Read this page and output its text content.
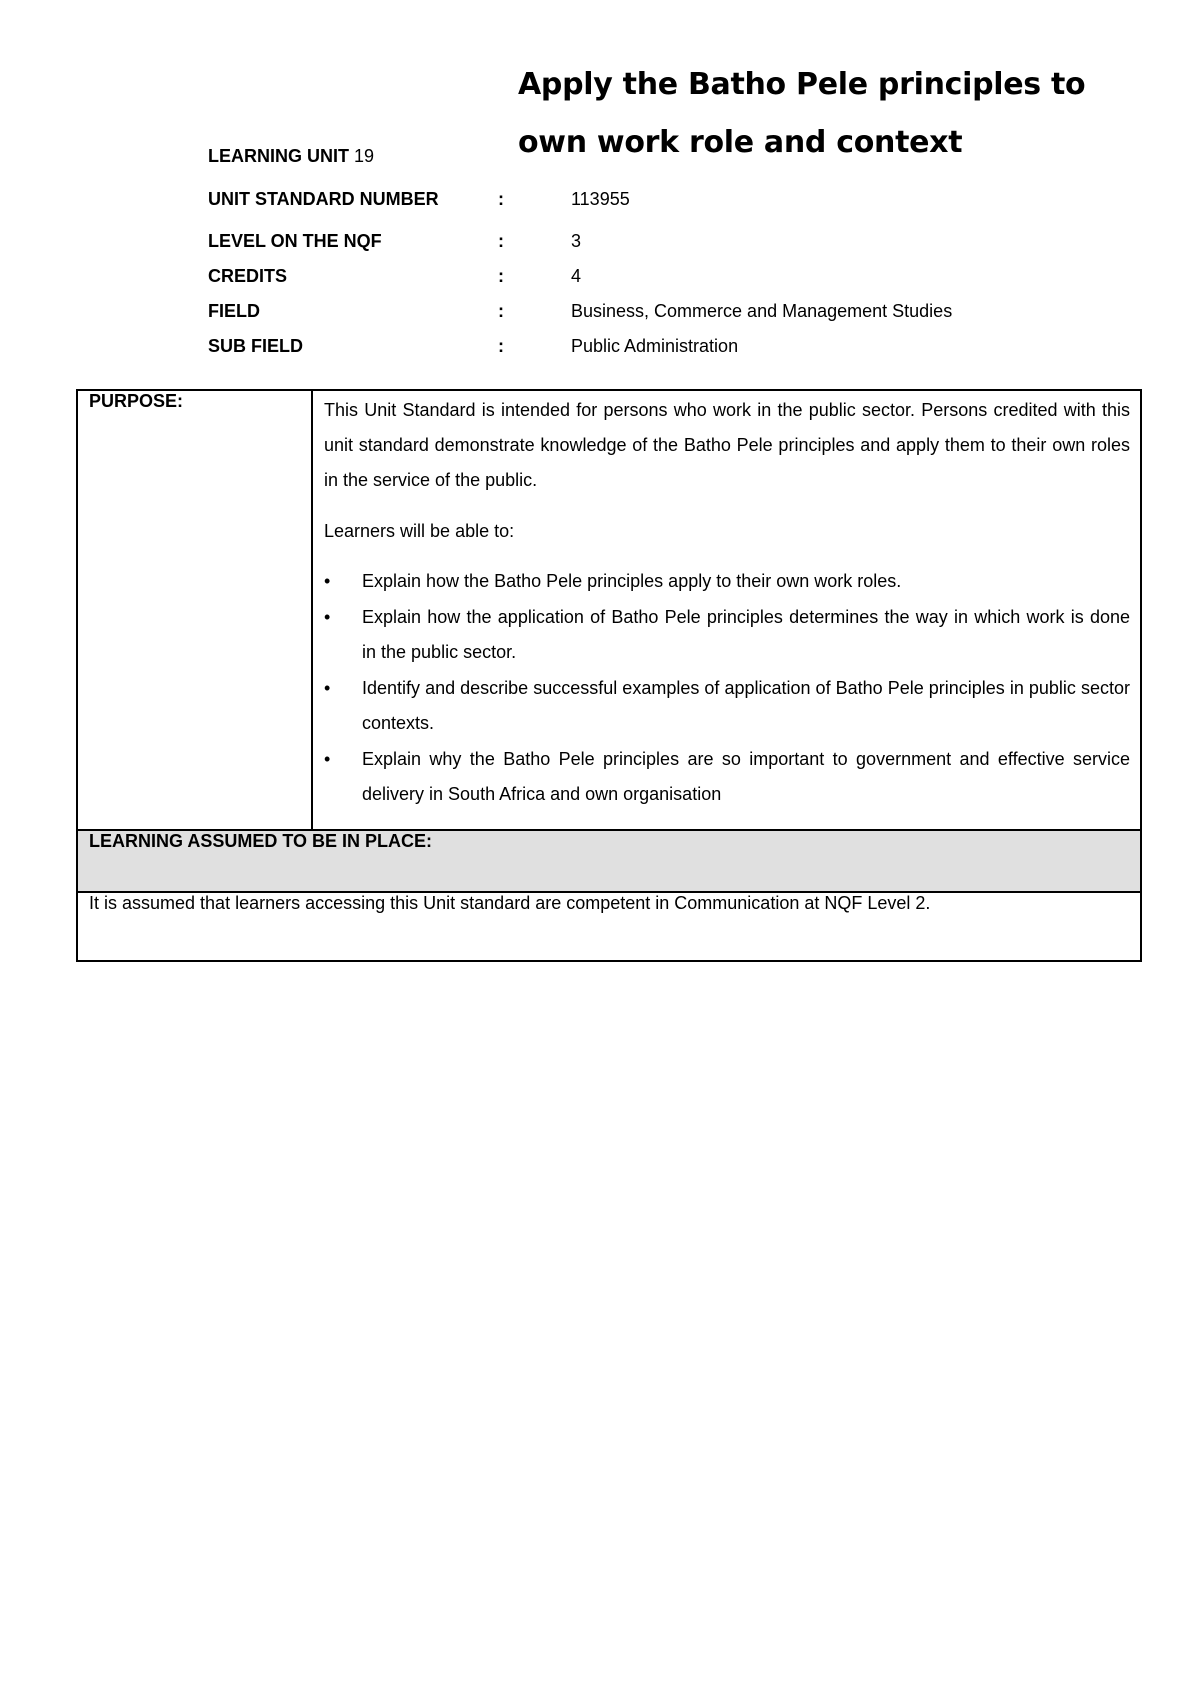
Apply the Batho Pele principles to own work role and context
LEARNING UNIT 19
UNIT STANDARD NUMBER	:	113955
LEVEL ON THE NQF	:	3
CREDITS	:	4
FIELD	:	Business, Commerce and Management Studies
SUB FIELD	:	Public Administration
PURPOSE:	This Unit Standard is intended for persons who work in the public sector. Persons credited with this unit standard demonstrate knowledge of the Batho Pele principles and apply them to their own roles in the service of the public.

Learners will be able to:

•	Explain how the Batho Pele principles apply to their own work roles.
•	Explain how the application of Batho Pele principles determines the way in which work is done in the public sector.
•	Identify and describe successful examples of application of Batho Pele principles in public sector contexts.
•	Explain why the Batho Pele principles are so important to government and effective service delivery in South Africa and own organisation

LEARNING ASSUMED TO BE IN PLACE:
It is assumed that learners accessing this Unit standard are competent in Communication at NQF Level 2.
